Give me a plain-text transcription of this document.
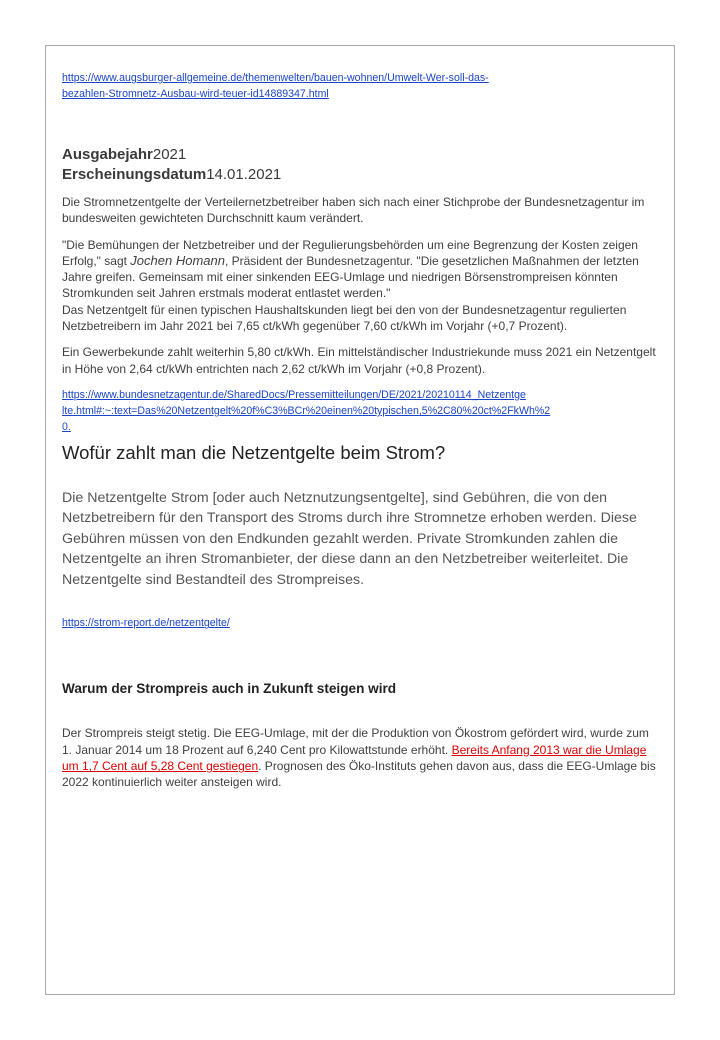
https://www.augsburger-allgemeine.de/themenwelten/bauen-wohnen/Umwelt-Wer-soll-das-
bezahlen-Stromnetz-Ausbau-wird-teuer-id14889347.html
Ausgabejahr2021
Erscheinungsdatum14.01.2021

Die Stromnetzentgelte der Verteilernetzbetreiber haben sich nach einer Stichprobe der Bundesnetzagentur im bundesweiten gewichteten Durchschnitt kaum verändert.

"Die Bemühungen der Netzbetreiber und der Regulierungsbehörden um eine Begrenzung der Kosten zeigen Erfolg," sagt Jochen Homann, Präsident der Bundesnetzagentur. "Die gesetzlichen Maßnahmen der letzten Jahre greifen. Gemeinsam mit einer sinkenden EEG-Umlage und niedrigen Börsenstrompreisen könnten Stromkunden seit Jahren erstmals moderat entlastet werden."

Das Netzentgelt für einen typischen Haushaltskunden liegt bei den von der Bundesnetzagentur regulierten Netzbetreibern im Jahr 2021 bei 7,65 ct/kWh gegenüber 7,60 ct/kWh im Vorjahr (+0,7 Prozent).

Ein Gewerbekunde zahlt weiterhin 5,80 ct/kWh. Ein mittelständischer Industriekunde muss 2021 ein Netzentgelt in Höhe von 2,64 ct/kWh entrichten nach 2,62 ct/kWh im Vorjahr (+0,8 Prozent).

https://www.bundesnetzagentur.de/SharedDocs/Pressemitteilungen/DE/2021/20210114_Netzentge
lte.html#:~:text=Das%20Netzentgelt%20f%C3%BCr%20einen%20typischen,5%2C80%20ct%2FkWh%2
0.
Wofür zahlt man die Netzentgelte beim Strom?

Die Netzentgelte Strom [oder auch Netznutzungsentgelte], sind Gebühren, die von den Netzbetreibern für den Transport des Stroms durch ihre Stromnetze erhoben werden. Diese Gebühren müssen von den Endkunden gezahlt werden. Private Stromkunden zahlen die Netzentgelte an ihren Stromanbieter, der diese dann an den Netzbetreiber weiterleitet. Die Netzentgelte sind Bestandteil des Strompreises.

https://strom-report.de/netzentgelte/
Warum der Strompreis auch in Zukunft steigen wird

Der Strompreis steigt stetig. Die EEG-Umlage, mit der die Produktion von Ökostrom gefördert wird, wurde zum 1. Januar 2014 um 18 Prozent auf 6,240 Cent pro Kilowattstunde erhöht. Bereits Anfang 2013 war die Umlage um 1,7 Cent auf 5,28 Cent gestiegen. Prognosen des Öko-Instituts gehen davon aus, dass die EEG-Umlage bis 2022 kontinuierlich weiter ansteigen wird.
